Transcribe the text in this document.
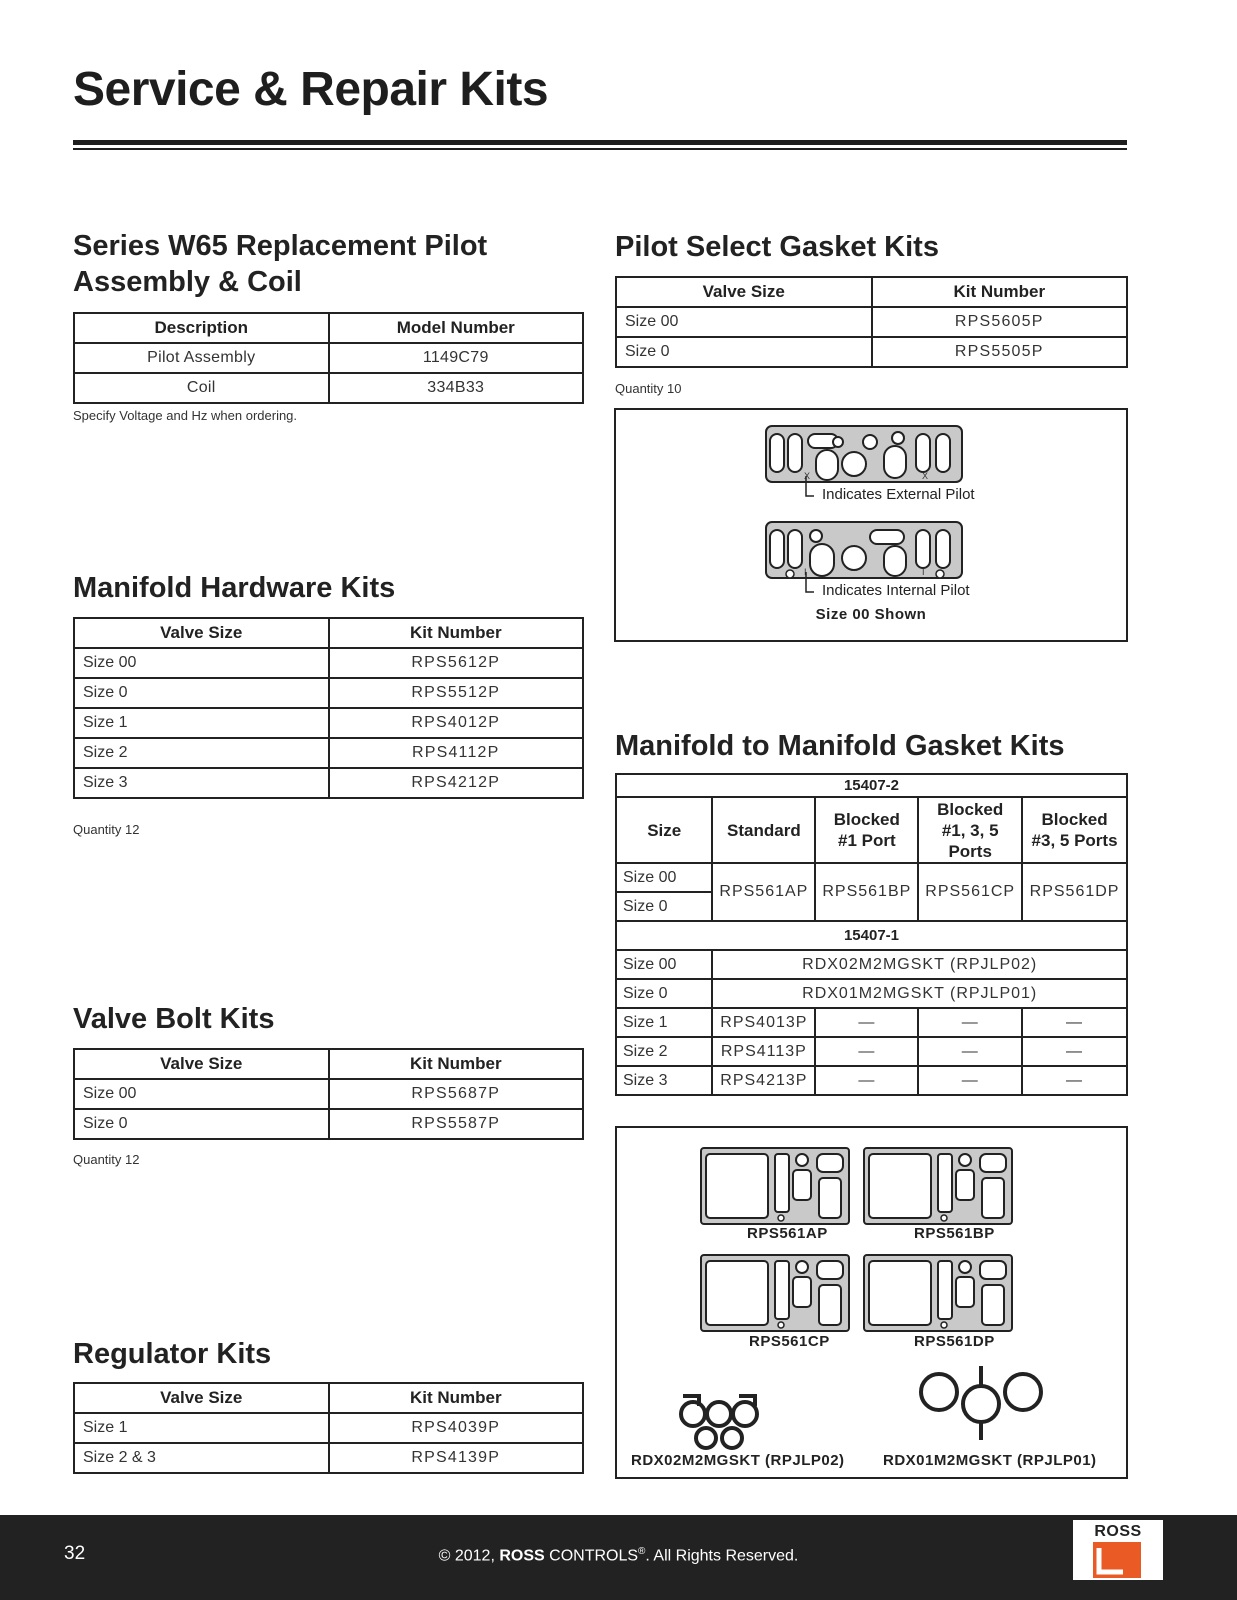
Service & Repair Kits
Series W65 Replacement Pilot
Assembly & Coil
Description	Model Number
Pilot Assembly	1149C79
Coil	334B33
Specify Voltage and Hz when ordering.
Manifold Hardware Kits
Valve Size	Kit Number
Size 00	RPS5612P
Size 0	RPS5512P
Size 1	RPS4012P
Size 2	RPS4112P
Size 3	RPS4212P
Quantity 12
Valve Bolt Kits
Valve Size	Kit Number
Size 00	RPS5687P
Size 0	RPS5587P
Quantity 12
Regulator Kits
Valve Size	Kit Number
Size 1	RPS4039P
Size 2 & 3	RPS4139P
Pilot Select Gasket Kits
Valve Size	Kit Number
Size 00	RPS5605P
Size 0	RPS5505P
Quantity 10
X	X
I	I
Indicates External Pilot
Indicates Internal Pilot
Size 00 Shown
Manifold to Manifold Gasket Kits
15407-2				
Size	Standard	Blocked #1 Port	Blocked #1, 3, 5 Ports	Blocked #3, 5 Ports
Size 00	RPS561AP	RPS561BP	RPS561CP	RPS561DP
Size 0				
15407-1				
Size 00	RDX02M2MGSKT (RPJLP02)			
Size 0	RDX01M2MGSKT (RPJLP01)			
Size 1	RPS4013P	—	—	—
Size 2	RPS4113P	—	—	—
Size 3	RPS4213P	—	—	—
RPS561AP	RPS561BP
RPS561CP	RPS561DP
RDX02M2MGSKT (RPJLP02)	RDX01M2MGSKT (RPJLP01)
32	© 2012, ROSS CONTROLS®. All Rights Reserved.
ROSS
